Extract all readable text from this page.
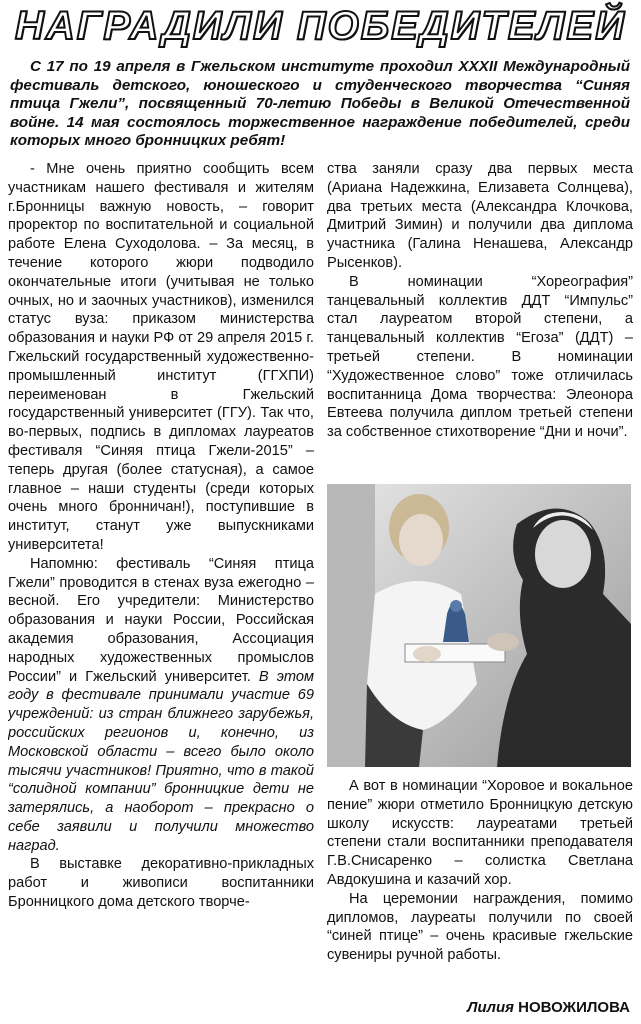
НАГРАДИЛИ ПОБЕДИТЕЛЕЙ
С 17 по 19 апреля в Гжельском институте проходил XXXII Международный фестиваль детского, юношеского и студенческого творчества “Синяя птица Гжели”, посвященный 70-летию Победы в Великой Отечественной войне. 14 мая состоялось торжественное награждение победителей, среди которых много бронницких ребят!

- Мне очень приятно сообщить всем участникам нашего фестиваля и жителям г.Бронницы важную новость, – говорит проректор по воспитательной и социальной работе Елена Суходолова. – За месяц, в течение которого жюри подводило окончательные итоги (учитывая не только очных, но и заочных участников), изменился статус вуза: приказом министерства образования и науки РФ от 29 апреля 2015 г. Гжельский государственный художественно-промышленный институт (ГГХПИ) переименован в Гжельский государственный университет (ГГУ). Так что, во-первых, подпись в дипломах лауреатов фестиваля “Синяя птица Гжели-2015” – теперь другая (более статусная), а самое главное – наши студенты (среди которых очень много бронничан!), поступившие в институт, станут уже выпускниками университета!

Напомню: фестиваль “Синяя птица Гжели” проводится в стенах вуза ежегодно – весной. Его учредители: Министерство образования и науки России, Российская академия образования, Ассоциация народных художественных промыслов России” и Гжельский университет. В этом году в фестивале принимали участие 69 учреждений: из стран ближнего зарубежья, российских регионов и, конечно, из Московской области – всего было около тысячи участников! Приятно, что в такой “солидной компании” бронницкие дети не затерялись, а наоборот – прекрасно о себе заявили и получили множество наград.

В выставке декоративно-прикладных работ и живописи воспитанники Бронницкого дома детского творче-

ства заняли сразу два первых места (Ариана Надежкина, Елизавета Солнцева), два третьих места (Александра Клочкова, Дмитрий Зимин) и получили два диплома участника (Галина Ненашева, Александр Рысенков).

В номинации “Хореография” танцевальный коллектив ДДТ “Импульс” стал лауреатом второй степени, а танцевальный коллектив “Егоза” (ДДТ) – третьей степени. В номинации “Художественное слово” тоже отличилась воспитанница Дома творчества: Элеонора Евтеева получила диплом третьей степени за собственное стихотворение “Дни и ночи”.

А вот в номинации “Хоровое и вокальное пение” жюри отметило Бронницкую детскую школу искусств: лауреатами третьей степени стали воспитанники преподавателя Г.В.Снисаренко – солистка Светлана Авдокушина и казачий хор.

На церемонии награждения, помимо дипломов, лауреаты получили по своей “синей птице” – очень красивые гжельские сувениры ручной работы.

Лилия НОВОЖИЛОВА
